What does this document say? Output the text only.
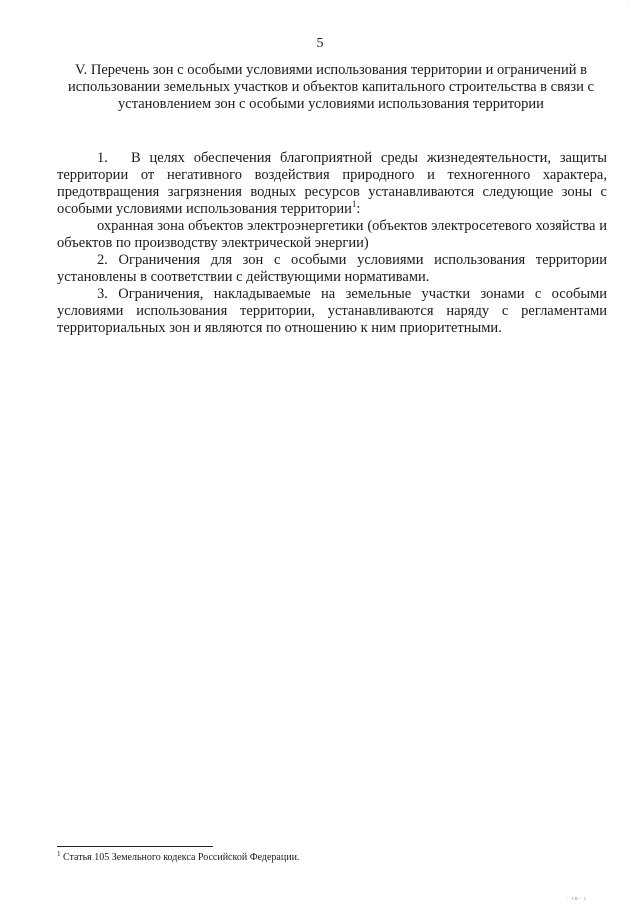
·
5
V. Перечень зон с особыми условиями использования территории и ограничений в использовании земельных участков и объектов капитального строительства в связи с установлением зон с особыми условиями использования территории

1. В целях обеспечения благоприятной среды жизнедеятельности, защиты территории от негативного воздействия природного и техногенного характера, предотвращения загрязнения водных ресурсов устанавливаются следующие зоны с особыми условиями использования территории$^1$:

охранная зона объектов электроэнергетики (объектов электросетевого хозяйства и объектов по производству электрической энергии)

2. Ограничения для зон с особыми условиями использования территории установлены в соответствии с действующими нормативами.

3. Ограничения, накладываемые на земельные участки зонами с особыми условиями использования территории, устанавливаются наряду с регламентами территориальных зон и являются по отношению к ним приоритетными.

$^1$ Статья 105 Земельного кодекса Российской Федерации.
··ıu· ı
